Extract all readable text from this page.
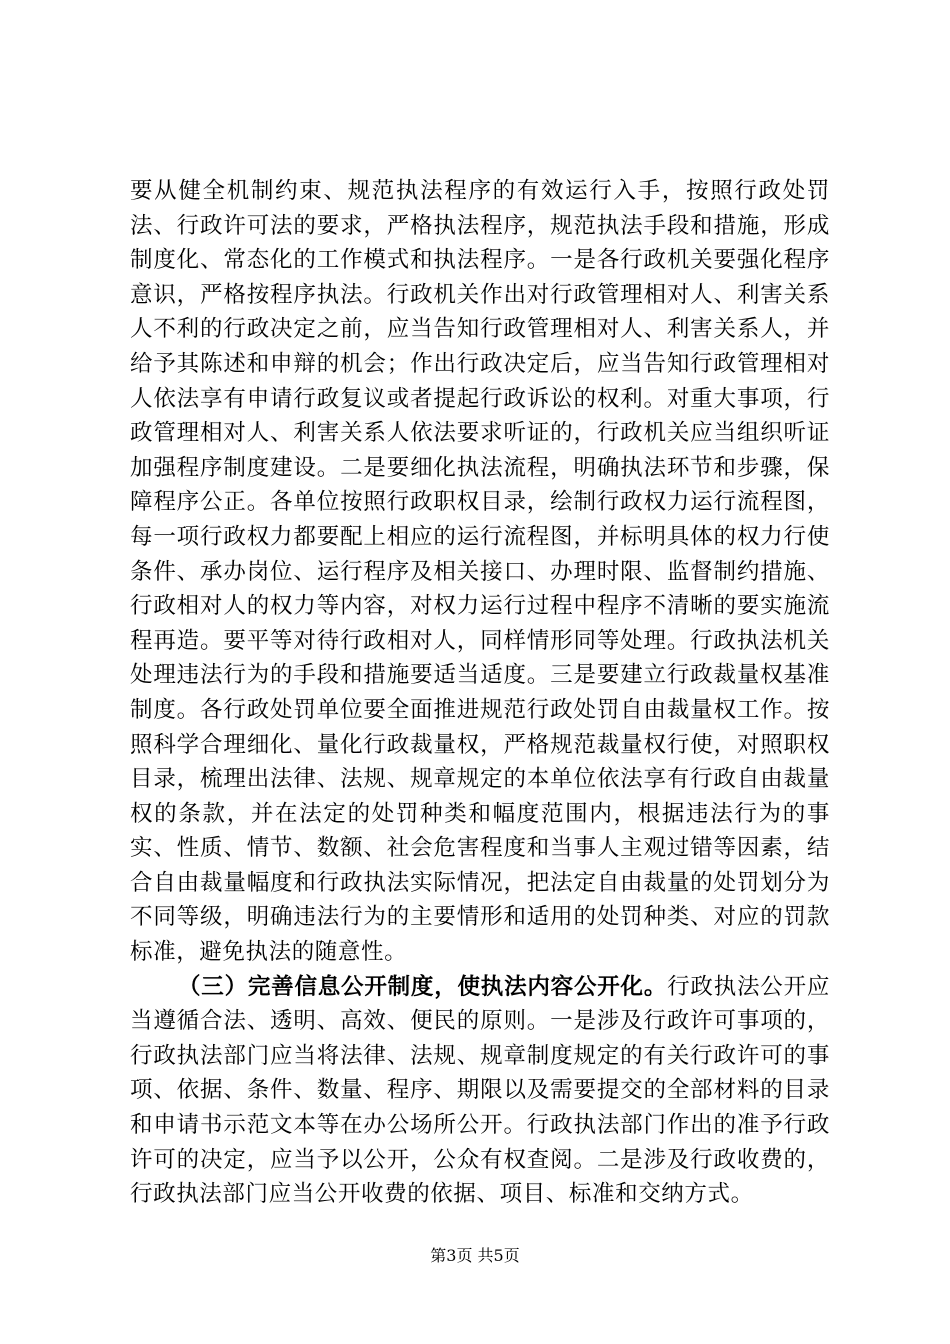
要从健全机制约束、规范执法程序的有效运行入手，按照行政处罚法、行政许可法的要求，严格执法程序，规范执法手段和措施，形成制度化、常态化的工作模式和执法程序。一是各行政机关要强化程序意识，严格按程序执法。行政机关作出对行政管理相对人、利害关系人不利的行政决定之前，应当告知行政管理相对人、利害关系人，并给予其陈述和申辩的机会；作出行政决定后，应当告知行政管理相对人依法享有申请行政复议或者提起行政诉讼的权利。对重大事项，行政管理相对人、利害关系人依法要求听证的，行政机关应当组织听证加强程序制度建设。二是要细化执法流程，明确执法环节和步骤，保障程序公正。各单位按照行政职权目录，绘制行政权力运行流程图，每一项行政权力都要配上相应的运行流程图，并标明具体的权力行使条件、承办岗位、运行程序及相关接口、办理时限、监督制约措施、行政相对人的权力等内容，对权力运行过程中程序不清晰的要实施流程再造。要平等对待行政相对人，同样情形同等处理。行政执法机关处理违法行为的手段和措施要适当适度。三是要建立行政裁量权基准制度。各行政处罚单位要全面推进规范行政处罚自由裁量权工作。按照科学合理细化、量化行政裁量权，严格规范裁量权行使，对照职权目录，梳理出法律、法规、规章规定的本单位依法享有行政自由裁量权的条款，并在法定的处罚种类和幅度范围内，根据违法行为的事实、性质、情节、数额、社会危害程度和当事人主观过错等因素，结合自由裁量幅度和行政执法实际情况，把法定自由裁量的处罚划分为不同等级，明确违法行为的主要情形和适用的处罚种类、对应的罚款标准，避免执法的随意性。

（三）完善信息公开制度，使执法内容公开化。行政执法公开应当遵循合法、透明、高效、便民的原则。一是涉及行政许可事项的，行政执法部门应当将法律、法规、规章制度规定的有关行政许可的事项、依据、条件、数量、程序、期限以及需要提交的全部材料的目录和申请书示范文本等在办公场所公开。行政执法部门作出的准予行政许可的决定，应当予以公开，公众有权查阅。二是涉及行政收费的，行政执法部门应当公开收费的依据、项目、标准和交纳方式。

第3页 共5页
